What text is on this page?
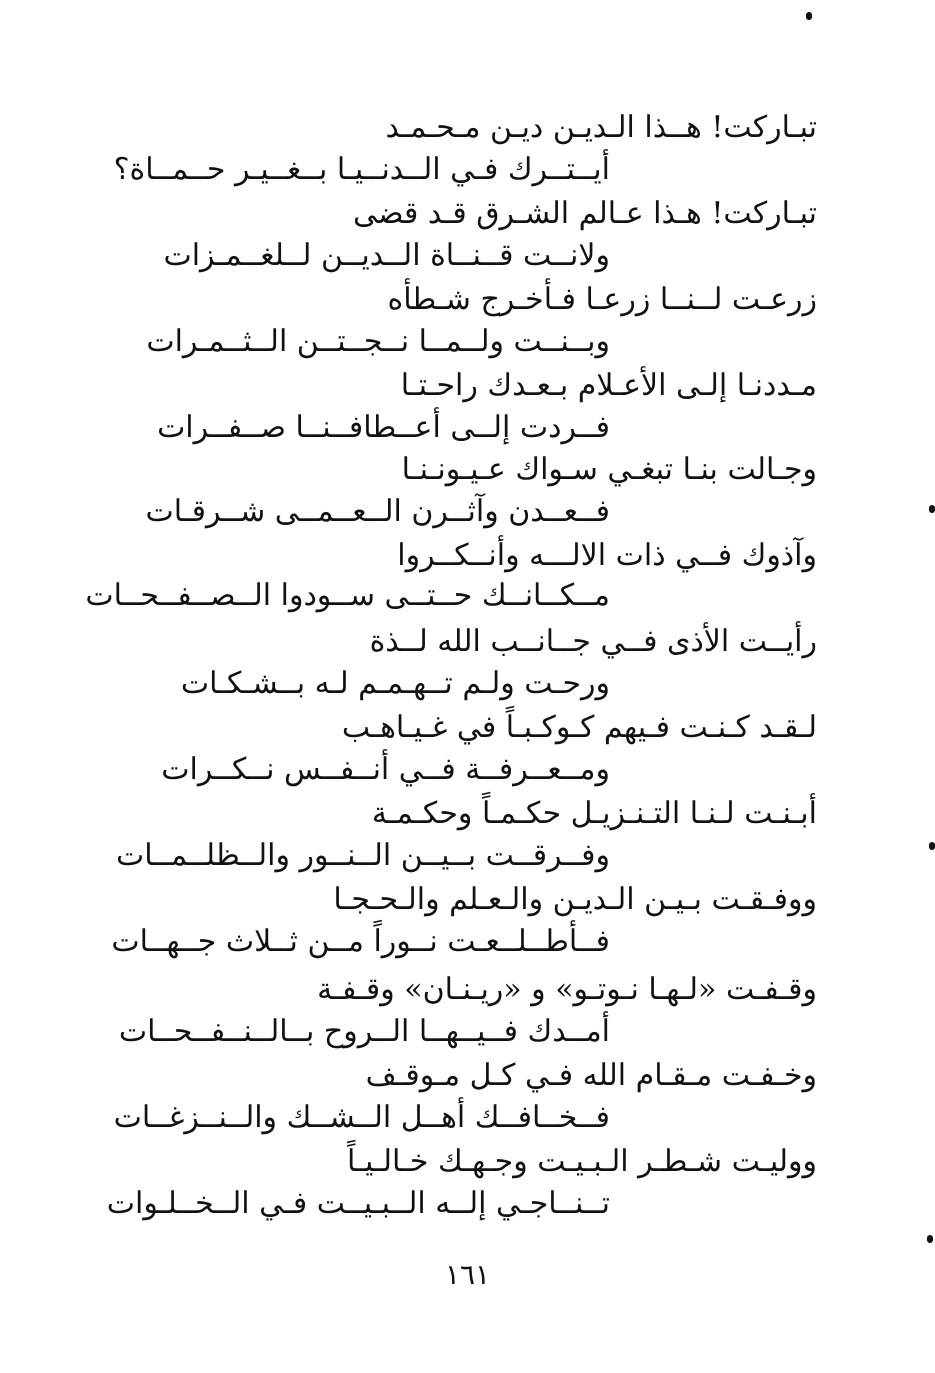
تبـاركت! هــذا الـديـن ديـن مـحـمـد
أيــتــرك فـي الــدنــيـا بــغــيـر حــمــاة؟
تبـاركت! هـذا عـالم الشـرق قـد قضى
ولانــت قــنــاة الــديــن لــلغــمـزات
زرعـت لــنــا زرعـا فـأخـرج شـطأه
وبــنــت ولــمــا نــجــتــن الــثــمـرات
مـددنـا إلـى الأعـلام بـعـدك راحـتـا
فــردت إلــى أعــطافــنــا صــفــرات
وجـالت بنـا تبغـي سـواك عـيـونـنـا
فــعــدن وآثــرن الــعــمــى شــرقـات
وآذوك فــي ذات الالـــه وأنــكــروا
مــكــانــك حــتــى ســودوا الــصــفــحــات
رأيــت الأذى فــي جــانــب الله لــذة
ورحـت ولـم تــهـمـم لـه بــشـكـات
لـقـد كـنـت فـيهم كـوكـبـاً في غـيـاهـب
ومــعــرفــة فــي أنــفــس نــكــرات
أبـنـت لـنـا التـنـزيـل حكـمـاً وحكـمـة
وفــرقــت بــيــن الــنــور والــظلــمــات
ووفـقـت بـيـن الـديـن والـعـلم والـحـجـا
فــأطــلــعـت نــوراً مــن ثــلاث جــهــات
وقـفـت «لـهـا نـوتـو» و «ريـنـان» وقـفـة
أمــدك فــيــهــا الــروح بــالــنــفــحــات
وخـفـت مـقـام الله فـي كـل مـوقـف
فــخــافــك أهــل الــشــك والــنــزغــات
ووليـت شـطـر الـبـيـت وجـهـك خـالـيـاً
تــنــاجـي إلــه الــبـيــت فـي الــخــلـوات
١٦١
